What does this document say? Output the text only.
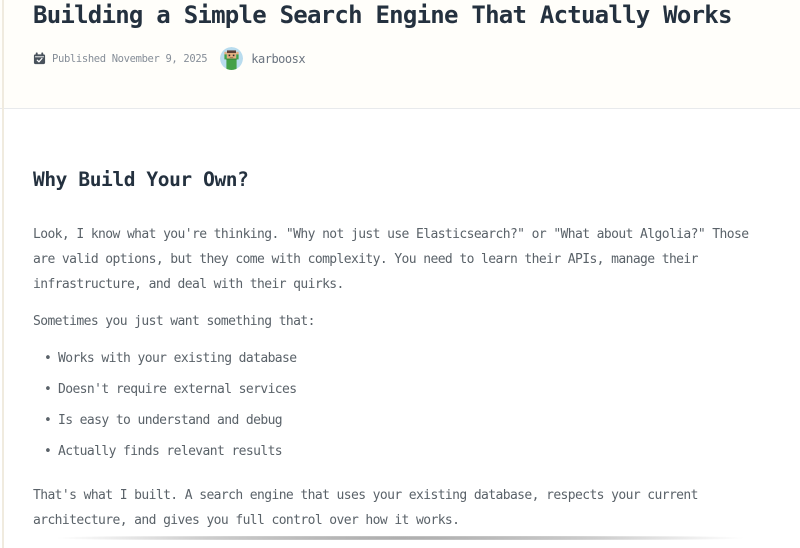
Building a Simple Search Engine That Actually Works
Published November 9, 2025	karboosx
Why Build Your Own?

Look, I know what you're thinking. "Why not just use Elasticsearch?" or "What about Algolia?" Those are valid options, but they come with complexity. You need to learn their APIs, manage their infrastructure, and deal with their quirks.

Sometimes you just want something that:

• Works with your existing database
• Doesn't require external services
• Is easy to understand and debug
• Actually finds relevant results

That's what I built. A search engine that uses your existing database, respects your current architecture, and gives you full control over how it works.
